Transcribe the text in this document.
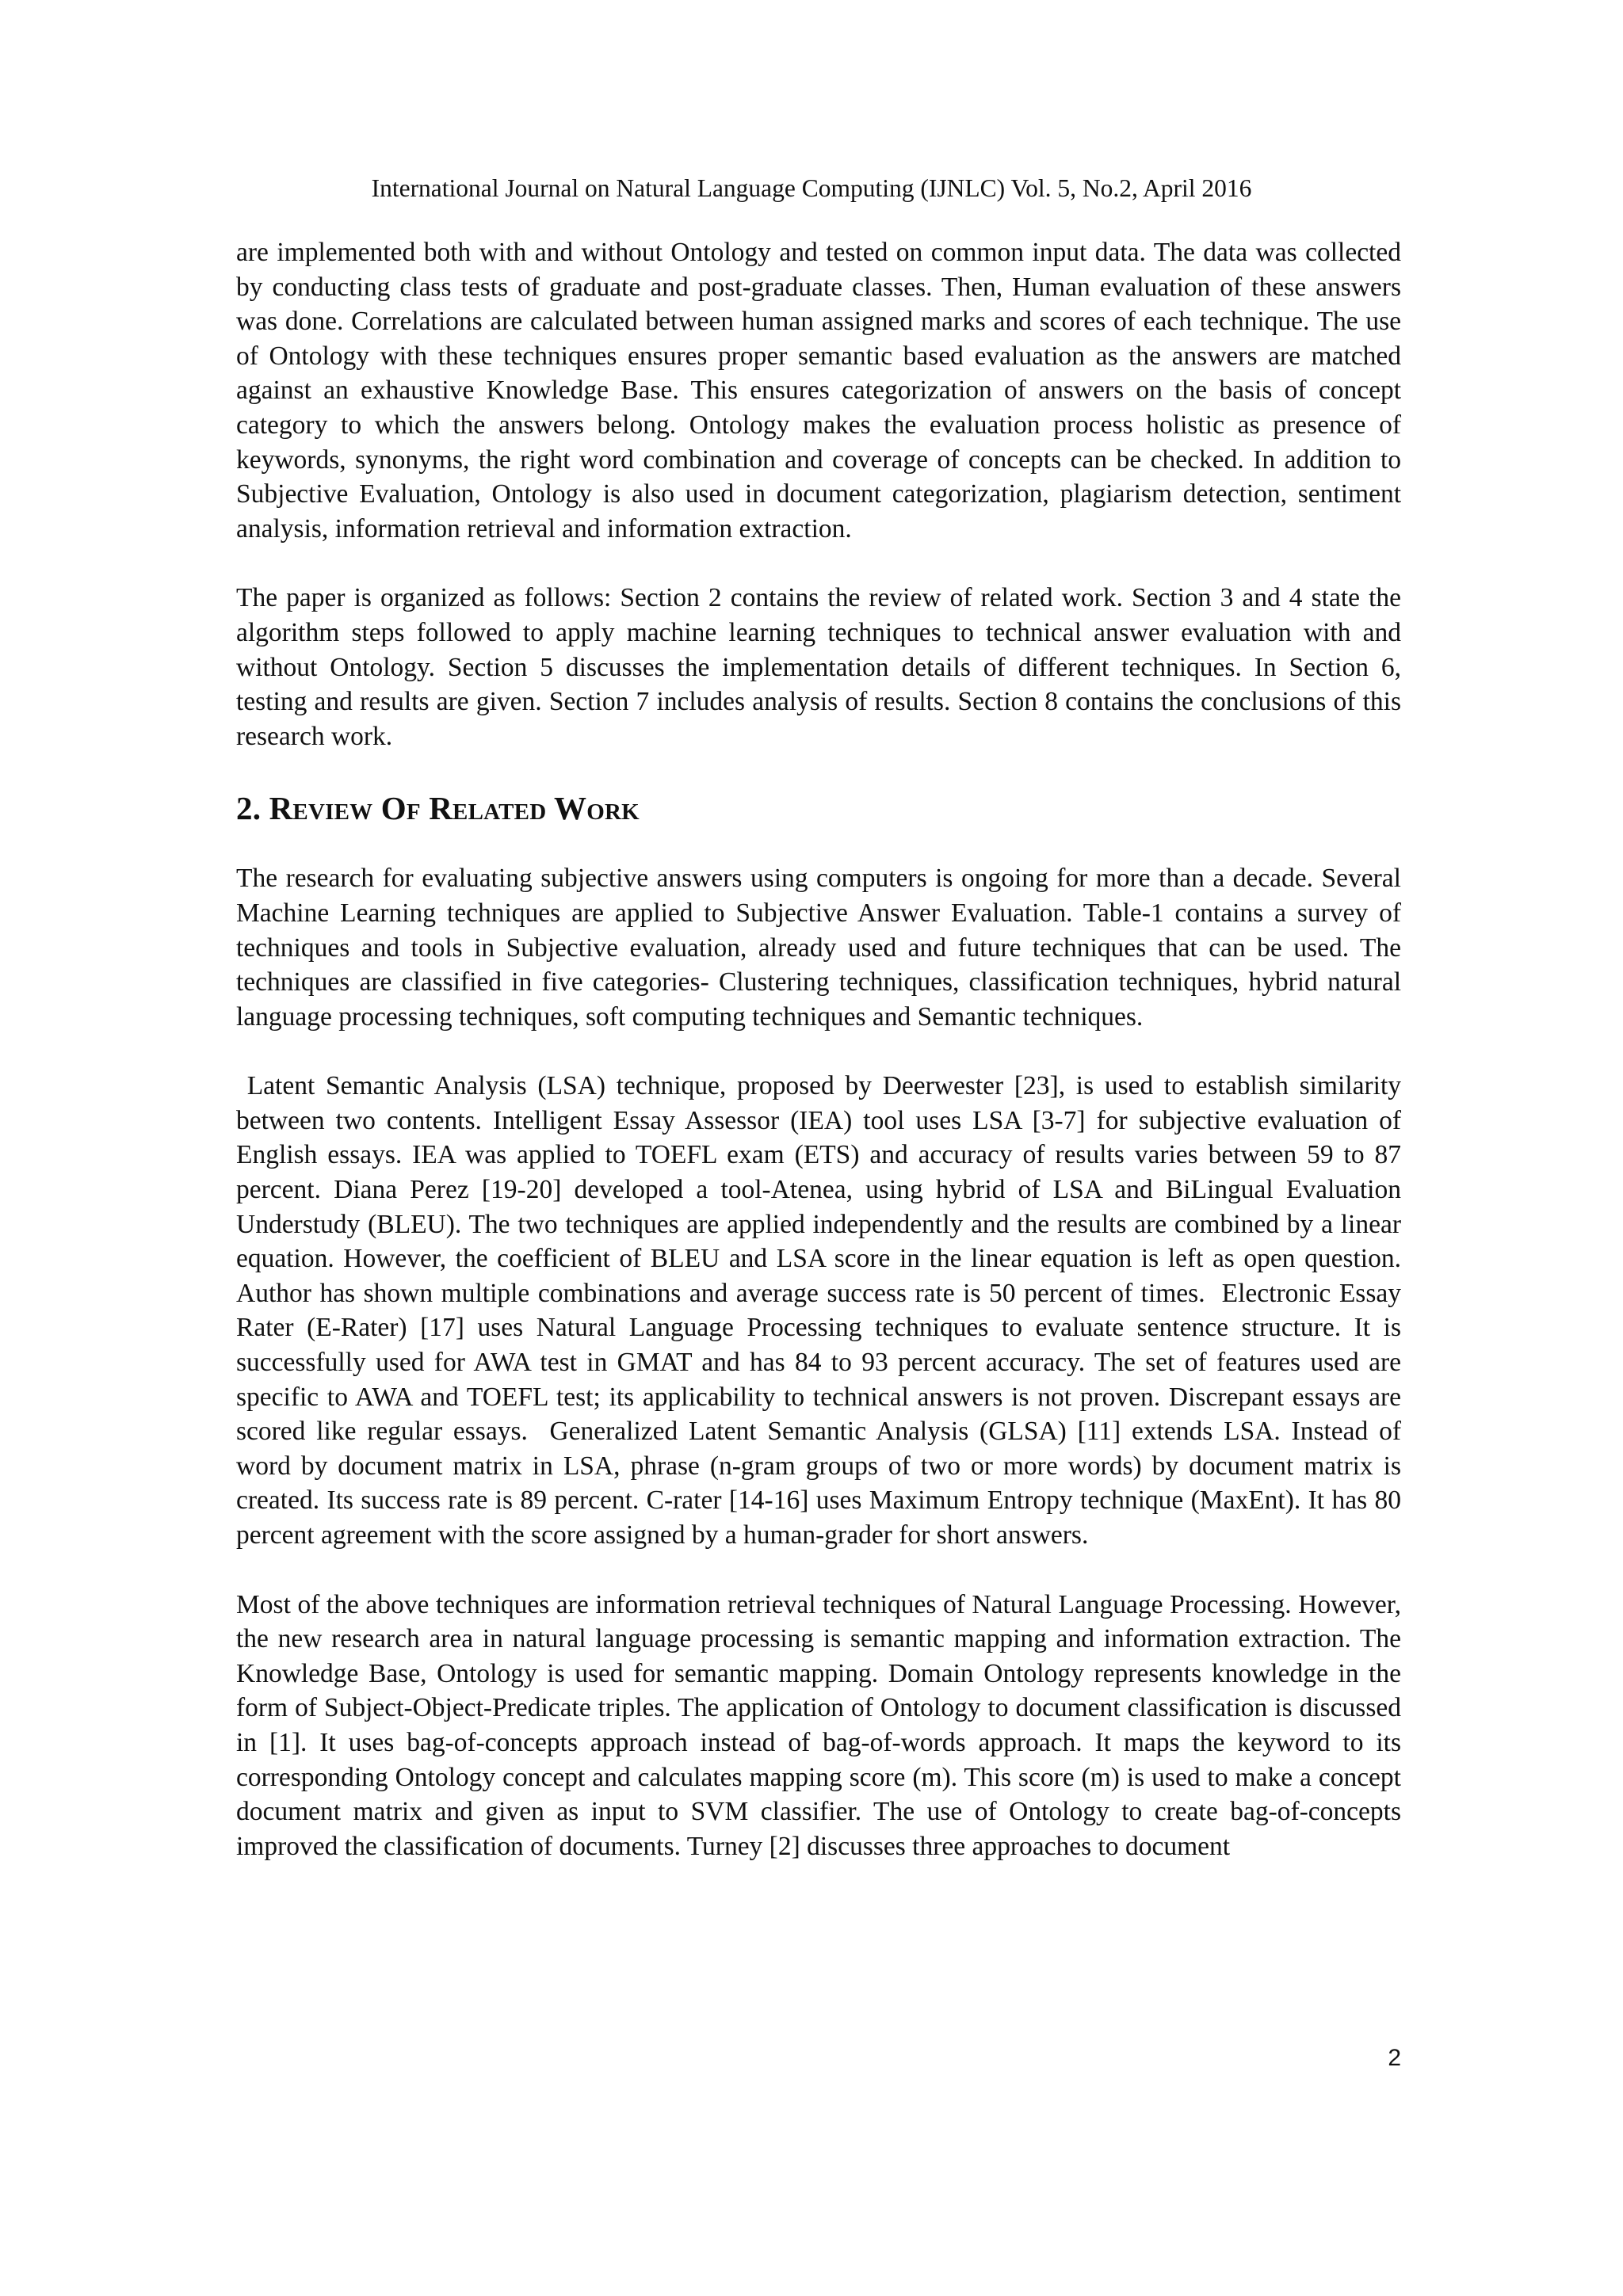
International Journal on Natural Language Computing (IJNLC) Vol. 5, No.2, April 2016

are implemented both with and without Ontology and tested on common input data. The data was collected by conducting class tests of graduate and post-graduate classes. Then, Human evaluation of these answers was done. Correlations are calculated between human assigned marks and scores of each technique. The use of Ontology with these techniques ensures proper semantic based evaluation as the answers are matched against an exhaustive Knowledge Base. This ensures categorization of answers on the basis of concept category to which the answers belong. Ontology makes the evaluation process holistic as presence of keywords, synonyms, the right word combination and coverage of concepts can be checked. In addition to Subjective Evaluation, Ontology is also used in document categorization, plagiarism detection, sentiment analysis, information retrieval and information extraction.

The paper is organized as follows: Section 2 contains the review of related work. Section 3 and 4 state the algorithm steps followed to apply machine learning techniques to technical answer evaluation with and without Ontology. Section 5 discusses the implementation details of different techniques. In Section 6, testing and results are given. Section 7 includes analysis of results. Section 8 contains the conclusions of this research work.

2. Review Of Related Work

The research for evaluating subjective answers using computers is ongoing for more than a decade. Several Machine Learning techniques are applied to Subjective Answer Evaluation. Table-1 contains a survey of techniques and tools in Subjective evaluation, already used and future techniques that can be used. The techniques are classified in five categories- Clustering techniques, classification techniques, hybrid natural language processing techniques, soft computing techniques and Semantic techniques.

Latent Semantic Analysis (LSA) technique, proposed by Deerwester [23], is used to establish similarity between two contents. Intelligent Essay Assessor (IEA) tool uses LSA [3-7] for subjective evaluation of English essays. IEA was applied to TOEFL exam (ETS) and accuracy of results varies between 59 to 87 percent. Diana Perez [19-20] developed a tool-Atenea, using hybrid of LSA and BiLingual Evaluation Understudy (BLEU). The two techniques are applied independently and the results are combined by a linear equation. However, the coefficient of BLEU and LSA score in the linear equation is left as open question. Author has shown multiple combinations and average success rate is 50 percent of times.  Electronic Essay Rater (E-Rater) [17] uses Natural Language Processing techniques to evaluate sentence structure. It is successfully used for AWA test in GMAT and has 84 to 93 percent accuracy. The set of features used are specific to AWA and TOEFL test; its applicability to technical answers is not proven. Discrepant essays are scored like regular essays.  Generalized Latent Semantic Analysis (GLSA) [11] extends LSA. Instead of word by document matrix in LSA, phrase (n-gram groups of two or more words) by document matrix is created. Its success rate is 89 percent. C-rater [14-16] uses Maximum Entropy technique (MaxEnt). It has 80 percent agreement with the score assigned by a human-grader for short answers.

Most of the above techniques are information retrieval techniques of Natural Language Processing. However, the new research area in natural language processing is semantic mapping and information extraction. The Knowledge Base, Ontology is used for semantic mapping. Domain Ontology represents knowledge in the form of Subject-Object-Predicate triples. The application of Ontology to document classification is discussed in [1]. It uses bag-of-concepts approach instead of bag-of-words approach. It maps the keyword to its corresponding Ontology concept and calculates mapping score (m). This score (m) is used to make a concept document matrix and given as input to SVM classifier. The use of Ontology to create bag-of-concepts improved the classification of documents. Turney [2] discusses three approaches to document

2
